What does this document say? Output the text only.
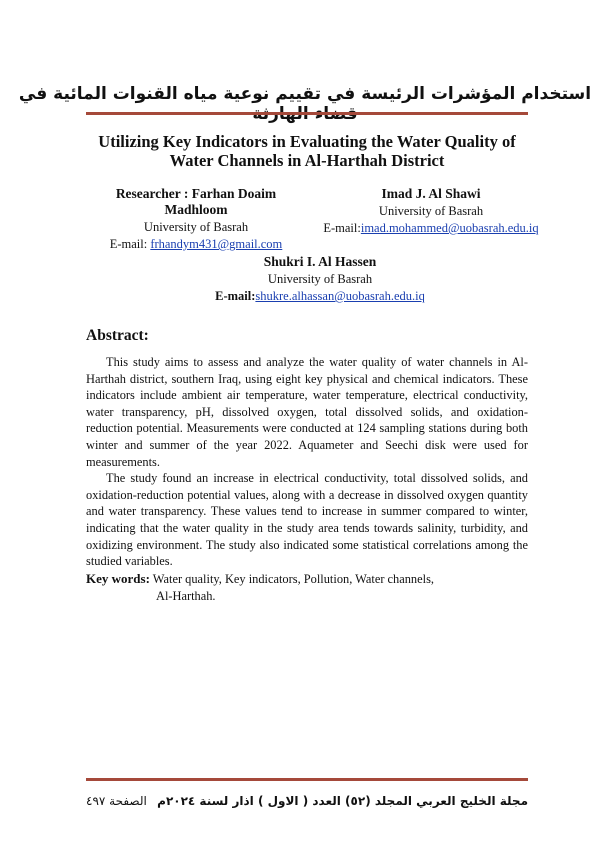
استخدام المؤشرات الرئيسة في تقييم نوعية مياه القنوات المائية في
Utilizing Key Indicators in Evaluating the Water Quality of
Water Channels in Al-Harthah District
Researcher : Farhan Doaim Madhloom
University of Basrah
E-mail: frhandym431@gmail.com
Imad J. Al Shawi
University of Basrah
E-mail:imad.mohammed@uobasrah.edu.iq
Shukri I. Al Hassen
University of Basrah
E-mail:shukre.alhassan@uobasrah.edu.iq
Abstract:

This study aims to assess and analyze the water quality of water channels in Al-Harthah district, southern Iraq, using eight key physical and chemical indicators. These indicators include ambient air temperature, water temperature, electrical conductivity, water transparency, pH, dissolved oxygen, total dissolved solids, and oxidation-reduction potential. Measurements were conducted at 124 sampling stations during both winter and summer of the year 2022. Aquameter and Seechi disk were used for measurements.

The study found an increase in electrical conductivity, total dissolved solids, and oxidation-reduction potential values, along with a decrease in dissolved oxygen quantity and water transparency. These values tend to increase in summer compared to winter, indicating that the water quality in the study area tends towards salinity, turbidity, and oxidizing environment. The study also indicated some statistical correlations among the studied variables.

Key words: Water quality, Key indicators, Pollution, Water channels,
Al-Harthah.
الصفحة ٤٩٧ مجلة الخليج العربي المجلد (٥٢) العدد ( الاول ) اذار لسنة ٢٠٢٤م
